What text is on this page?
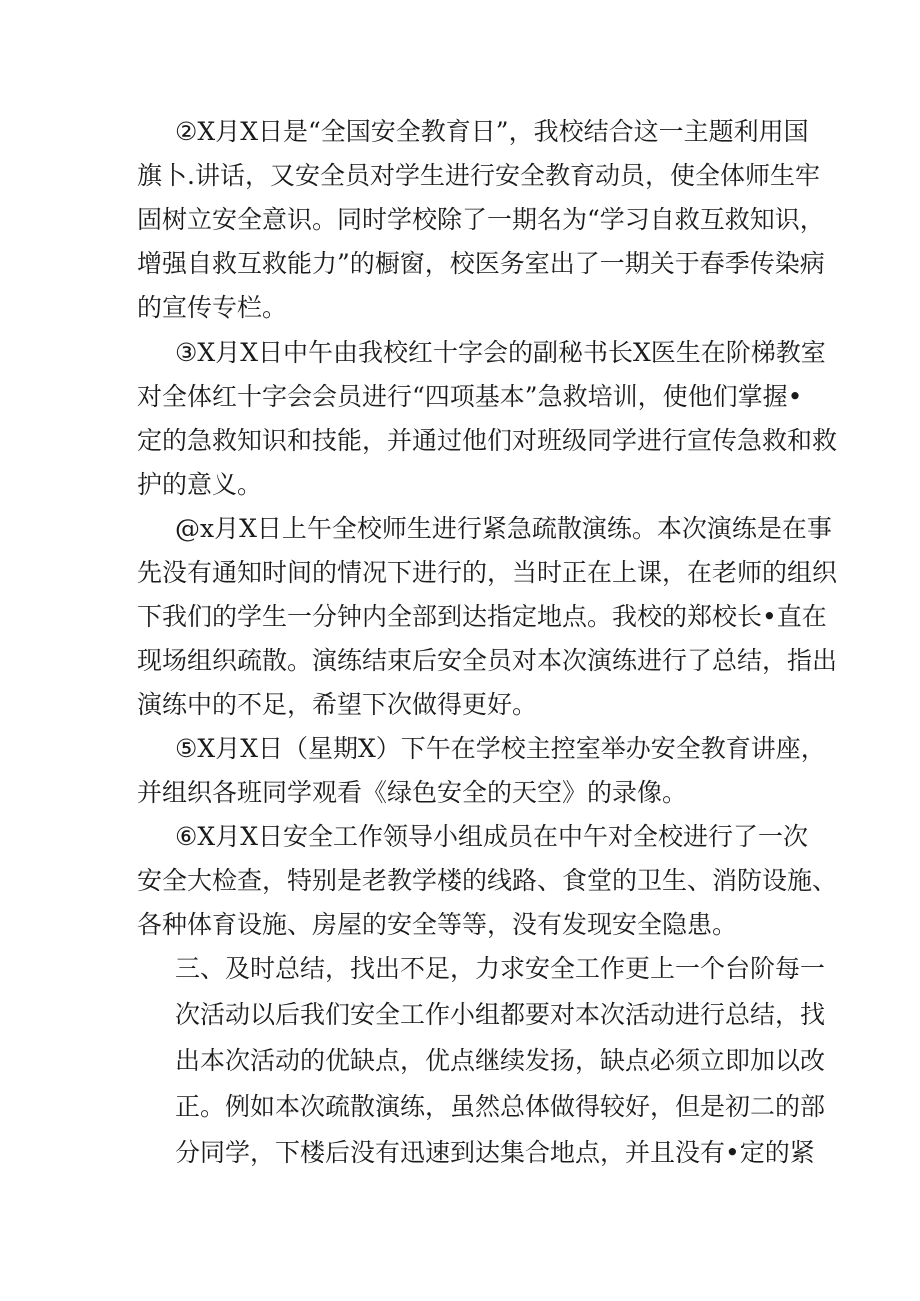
②X月X日是“全国安全教育日”，我校结合这一主题利用国
旗卜.讲话，又安全员对学生进行安全教育动员，使全体师生牢
固树立安全意识。同时学校除了一期名为“学习自救互救知识，
增强自救互救能力”的橱窗，校医务室出了一期关于春季传染病
的宣传专栏。
③X月X日中午由我校红十字会的副秘书长X医生在阶梯教室
对全体红十字会会员进行“四项基本”急救培训，使他们掌握•
定的急救知识和技能，并通过他们对班级同学进行宣传急救和救
护的意义。
@x月X日上午全校师生进行紧急疏散演练。本次演练是在事
先没有通知时间的情况下进行的，当时正在上课，在老师的组织
下我们的学生一分钟内全部到达指定地点。我校的郑校长•直在
现场组织疏散。演练结束后安全员对本次演练进行了总结，指出
演练中的不足，希望下次做得更好。
⑤X月X日（星期X）下午在学校主控室举办安全教育讲座，
并组织各班同学观看《绿色安全的天空》的录像。
⑥X月X日安全工作领导小组成员在中午对全校进行了一次
安全大检查，特别是老教学楼的线路、食堂的卫生、消防设施、
各种体育设施、房屋的安全等等，没有发现安全隐患。
三、及时总结，找出不足，力求安全工作更上一个台阶每一
次活动以后我们安全工作小组都要对本次活动进行总结，找
出本次活动的优缺点，优点继续发扬，缺点必须立即加以改
正。例如本次疏散演练，虽然总体做得较好，但是初二的部
分同学，下楼后没有迅速到达集合地点，并且没有•定的紧
